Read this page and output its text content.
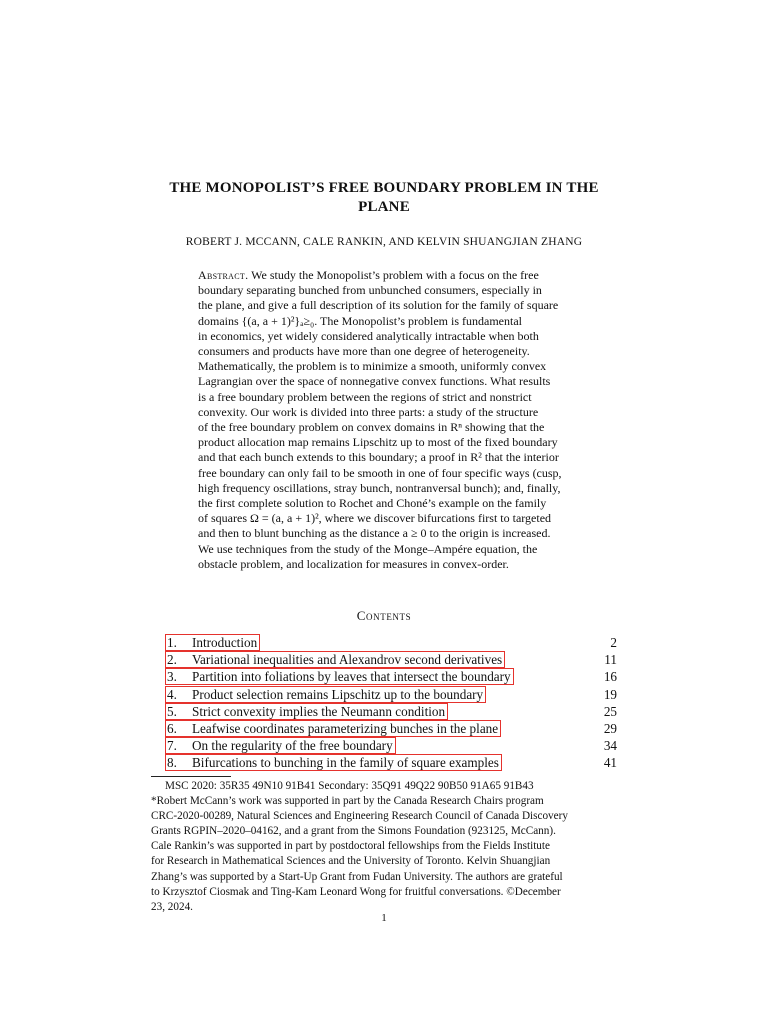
THE MONOPOLIST’S FREE BOUNDARY PROBLEM IN THE
PLANE
ROBERT J. MCCANN, CALE RANKIN, AND KELVIN SHUANGJIAN ZHANG
Abstract. We study the Monopolist’s problem with a focus on the free
boundary separating bunched from unbunched consumers, especially in
the plane, and give a full description of its solution for the family of square
domains {(a, a + 1)²}ₐ≥₀. The Monopolist’s problem is fundamental
in economics, yet widely considered analytically intractable when both
consumers and products have more than one degree of heterogeneity.
Mathematically, the problem is to minimize a smooth, uniformly convex
Lagrangian over the space of nonnegative convex functions. What results
is a free boundary problem between the regions of strict and nonstrict
convexity. Our work is divided into three parts: a study of the structure
of the free boundary problem on convex domains in Rⁿ showing that the
product allocation map remains Lipschitz up to most of the fixed boundary
and that each bunch extends to this boundary; a proof in R² that the interior
free boundary can only fail to be smooth in one of four specific ways (cusp,
high frequency oscillations, stray bunch, nontranversal bunch); and, finally,
the first complete solution to Rochet and Choné’s example on the family
of squares Ω = (a, a + 1)², where we discover bifurcations first to targeted
and then to blunt bunching as the distance a ≥ 0 to the origin is increased.
We use techniques from the study of the Monge–Ampére equation, the
obstacle problem, and localization for measures in convex-order.
Contents
1. Introduction	2
2. Variational inequalities and Alexandrov second derivatives	11
3. Partition into foliations by leaves that intersect the boundary	16
4. Product selection remains Lipschitz up to the boundary	19
5. Strict convexity implies the Neumann condition	25
6. Leafwise coordinates parameterizing bunches in the plane	29
7. On the regularity of the free boundary	34
8. Bifurcations to bunching in the family of square examples	41
MSC 2020: 35R35 49N10 91B41 Secondary: 35Q91 49Q22 90B50 91A65 91B43
*Robert McCann’s work was supported in part by the Canada Research Chairs program
CRC-2020-00289, Natural Sciences and Engineering Research Council of Canada Discovery
Grants RGPIN–2020–04162, and a grant from the Simons Foundation (923125, McCann).
Cale Rankin’s was supported in part by postdoctoral fellowships from the Fields Institute
for Research in Mathematical Sciences and the University of Toronto. Kelvin Shuangjian
Zhang’s was supported by a Start-Up Grant from Fudan University. The authors are grateful
to Krzysztof Ciosmak and Ting-Kam Leonard Wong for fruitful conversations. ©December
23, 2024.
1
